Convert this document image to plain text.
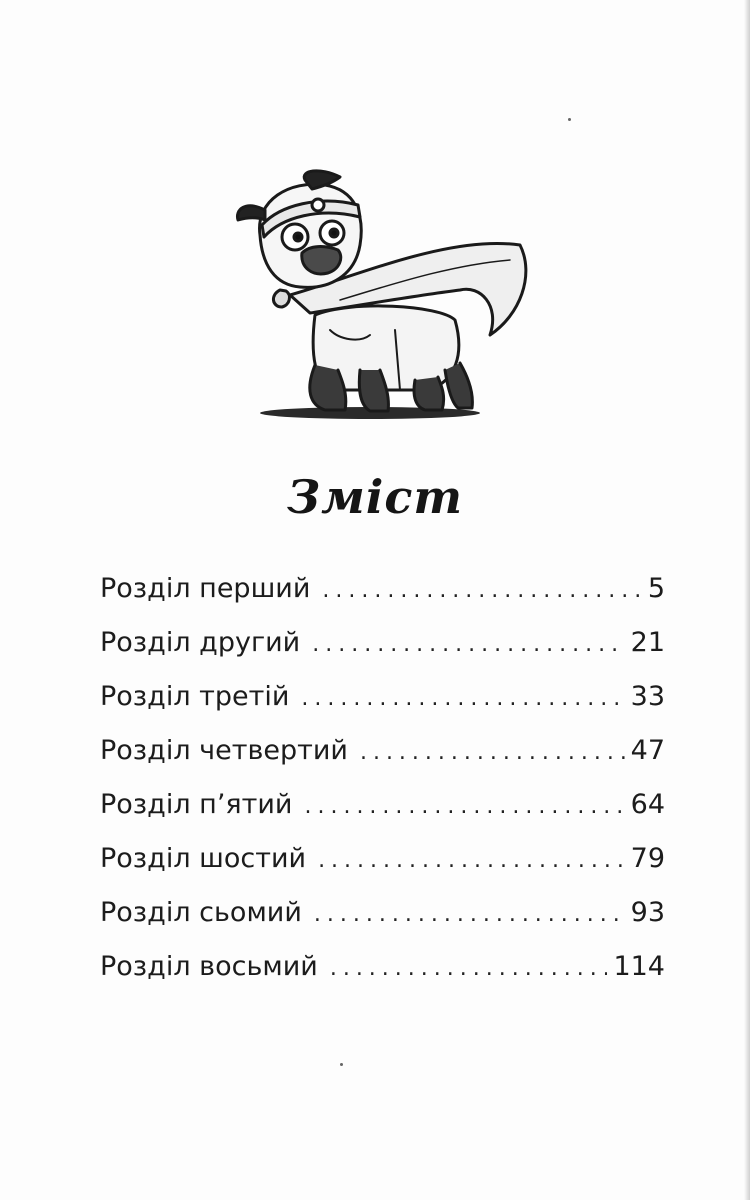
Зміст
Розділ перший .....	5
Розділ другий .....	21
Розділ третій .....	33
Розділ четвертий .....	47
Розділ п’ятий .....	64
Розділ шостий .....	79
Розділ сьомий .....	93
Розділ восьмий .....	114
